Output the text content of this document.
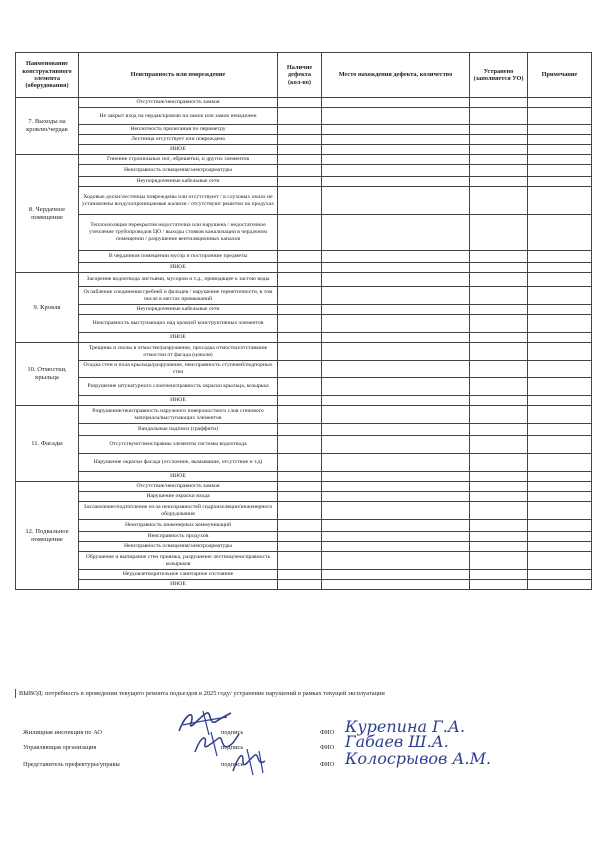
Наименование конструктивного элемента (оборудования)	Неисправность или повреждение	Наличие дефекта (кол-во)	Место нахождения дефекта, количество	Устранено (заполняется УО)	Примечание
7. Выходы на кровлю/чердак	Отсутствие/неисправность замков				
	Не закрыт вход на чердак/кровлю на замок или замок ненадежен				
	Неплотность прилегания по периметру				
	Лестница отсутствует или повреждена				
	ИНОЕ				
8. Чердачное помещение	Гниение стропильных ног, обрешетки, и других элементов				
	Неисправность освещения/электроарматуры				
	Неупорядоченные кабельные сети				
	Ходовые доски/лестницы повреждены или отсутствуют / в слуховых окнах не установлены воздухопроницаемые жалюзи / отсутствуют решетки на продухах				
	Теплоизоляция перекрытия недостаточна или нарушена / недостаточное утепление трубопроводов ЦО / выходы стояков канализации в чердачном помещении / разрушение вентиляционных каналов				
	В чердачном помещении мусор и посторонние предметы				
	ИНОЕ				
9. Кровля	Засорение водоотвода листьями, мусором и т.д., приводящее к застою воды				
	Ослабление соединения гребней и фальцев / нарушение герметичности, в том числе в местах примыканий				
	Неупорядоченные кабельные сети				
	Неисправность выступающих над кровлей конструктивных элементов				
	ИНОЕ				
10. Отмостки, крыльца	Трещины и сколы в отмостке/разрушение, просадка отмостки/отставание отмостки от фасада (цоколя)				
	Осадка стен и пола крыльца/разрушение, неисправность ступеней/подпорных стен				
	Разрушение штукатурного слоя/неисправность окраски крыльца, козырька				
	ИНОЕ				
11. Фасады	Разрушение/неисправность наружного поверхностного слоя стенового материала/выступающих элементов				
	Вандальные надписи (граффити)				
	Отсутствуют/неисправны элементы системы водоотвода				
	Нарушение окраски фасада (отслоение, вымывание, отсутствие и т.д)				
	ИНОЕ				
12. Подвальное помещение	Отсутствие/неисправность замков				
	Нарушение окраски входа				
	Захламление/подтопление из-за неисправностей гидроизоляции/инженерного оборудования				
	Неисправность инженерных коммуникаций				
	Неисправность продухов				
	Неисправность освещения/электроарматуры				
	Обрушение и выпирание стен приямка, разрушение лестниц/неисправность козырьков				
	Неудовлетворительное санитарное состояние				
	ИНОЕ				
ВЫВОД: потребность в проведении текущего ремонта подъездов в 2025 году/ устранение нарушений в рамках текущей эксплуатации
Жилищная инспекция по АО	подпись	ФИО Курепина Г.А.
Управляющая организация	подпись	ФИО Габаев Ш.А.
Представитель префектуры/управы	подпись	ФИО Колосрывов А.М.
